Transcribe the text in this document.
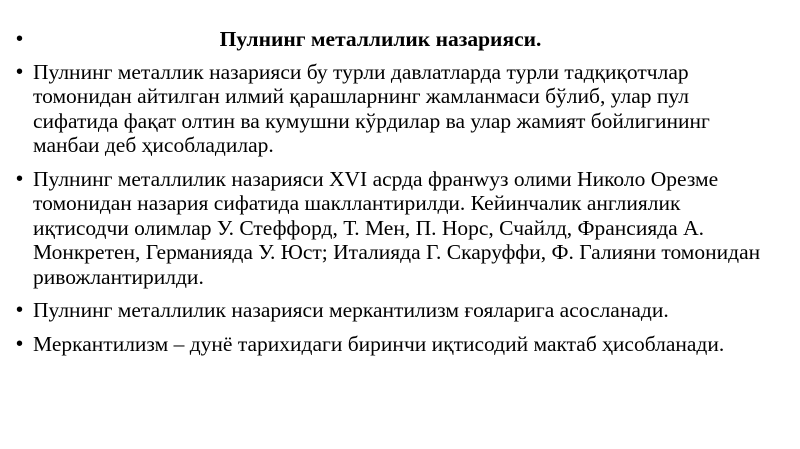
•	Пулнинг металлилик назарияси.
• Пулнинг металлик назарияси бу турли давлатларда турли тадқиқотчлар томонидан айтилган илмий қарашларнинг жамланмаси бўлиб, улар пул сифатида фақат олтин ва кумушни кўрдилар ва улар жамият бойлигининг манбаи деб ҳисобладилар.
• Пулнинг металлилик назарияси XVI асрда франwуз олими Николо Орезме томонидан назария сифатида шакллантирилди. Кейинчалик англиялик иқтисодчи олимлар У. Стеффорд, Т. Мен, П. Норс, Счайлд, Франсияда А. Монкретен, Германияда У. Юст; Италияда Г. Скаруффи, Ф. Галияни томонидан ривожлантирилди.
• Пулнинг металлилик назарияси меркантилизм ғояларига асосланади.
• Меркантилизм – дунё тарихидаги биринчи иқтисодий мактаб ҳисобланади.
